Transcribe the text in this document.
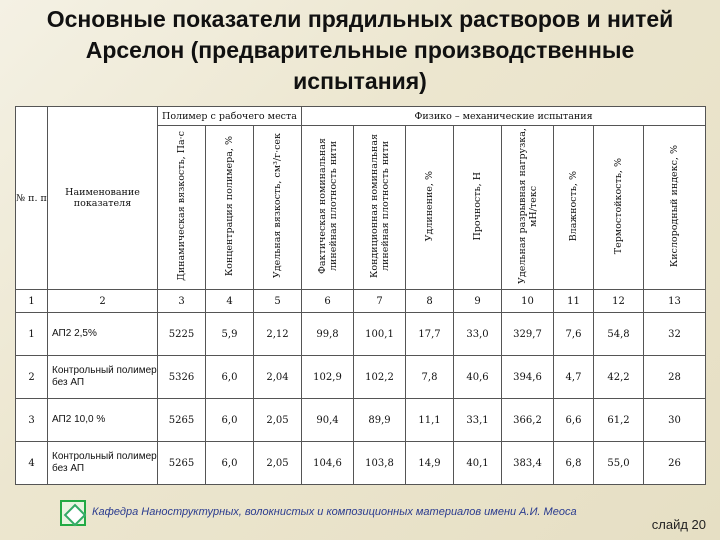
Основные показатели прядильных растворов и нитей Арселон (предварительные производственные испытания)
№ п. п	Наименование показателя	Полимер с рабочего места			Физико – механические испытания							
		Динамическая вязкость, Па·с	Концентрация полимера, %	Удельная вязкость, см³/г·сек	Фактическая номинальная линейная плотность нити	Кондиционная номинальная линейная плотность нити	Удлинение, %	Прочность, Н	Удельная разрывная нагрузка, мН/текс	Влажность, %	Термостойкость, %	Кислородный индекс, %
1	2	3	4	5	6	7	8	9	10	11	12	13
1	АП2 2,5%	5225	5,9	2,12	99,8	100,1	17,7	33,0	329,7	7,6	54,8	32
2	Контрольный полимер без АП	5326	6,0	2,04	102,9	102,2	7,8	40,6	394,6	4,7	42,2	28
3	АП2 10,0 %	5265	6,0	2,05	90,4	89,9	11,1	33,1	366,2	6,6	61,2	30
4	Контрольный полимер без АП	5265	6,0	2,05	104,6	103,8	14,9	40,1	383,4	6,8	55,0	26
Кафедра Наноструктурных, волокнистых и композиционных материалов имени А.И. Меоса
слайд 20
